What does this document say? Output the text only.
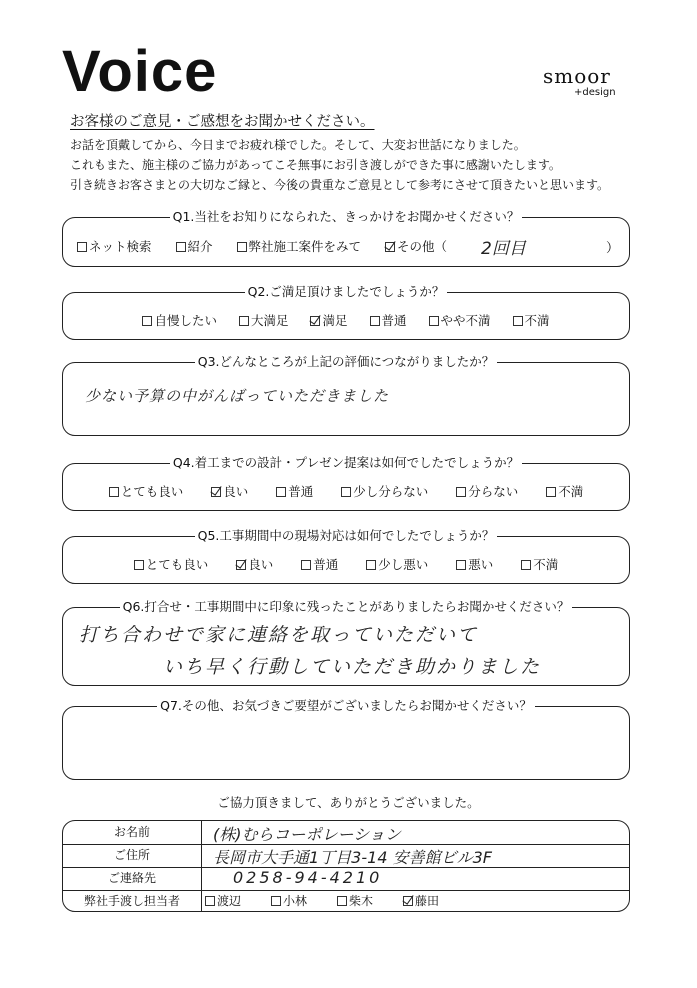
Voice	smoor
+design
お客様のご意見・ご感想をお聞かせください。
お話を頂戴してから、今日までお疲れ様でした。そして、大変お世話になりました。
これもまた、施主様のご協力があってこそ無事にお引き渡しができた事に感謝いたします。
引き続きお客さまとの大切なご縁と、今後の貴重なご意見として参考にさせて頂きたいと思います。
Q1.当社をお知りになられた、きっかけをお聞かせください？
ネット検索	紹介	弊社施工案件をみて	その他（ 2回目	）
Q2.ご満足頂けましたでしょうか？
自慢したい	大満足	満足	普通	やや不満	不満
Q3.どんなところが上記の評価につながりましたか？
少ない予算の中がんばっていただきました
Q4.着工までの設計・プレゼン提案は如何でしたでしょうか？
とても良い	良い	普通	少し分らない	分らない	不満
Q5.工事期間中の現場対応は如何でしたでしょうか？
とても良い	良い	普通	少し悪い	悪い	不満
Q6.打合せ・工事期間中に印象に残ったことがありましたらお聞かせください？
打ち合わせで家に連絡を取っていただいて
いち早く行動していただき助かりました
Q7.その他、お気づきご要望がございましたらお聞かせください？
ご協力頂きまして、ありがとうございました。
お名前	(株)むらコーポレーション
ご住所	長岡市大手通1丁目3-14 安善館ビル3F
ご連絡先	0258-94-4210
弊社手渡し担当者	渡辺	小林	柴木	藤田
